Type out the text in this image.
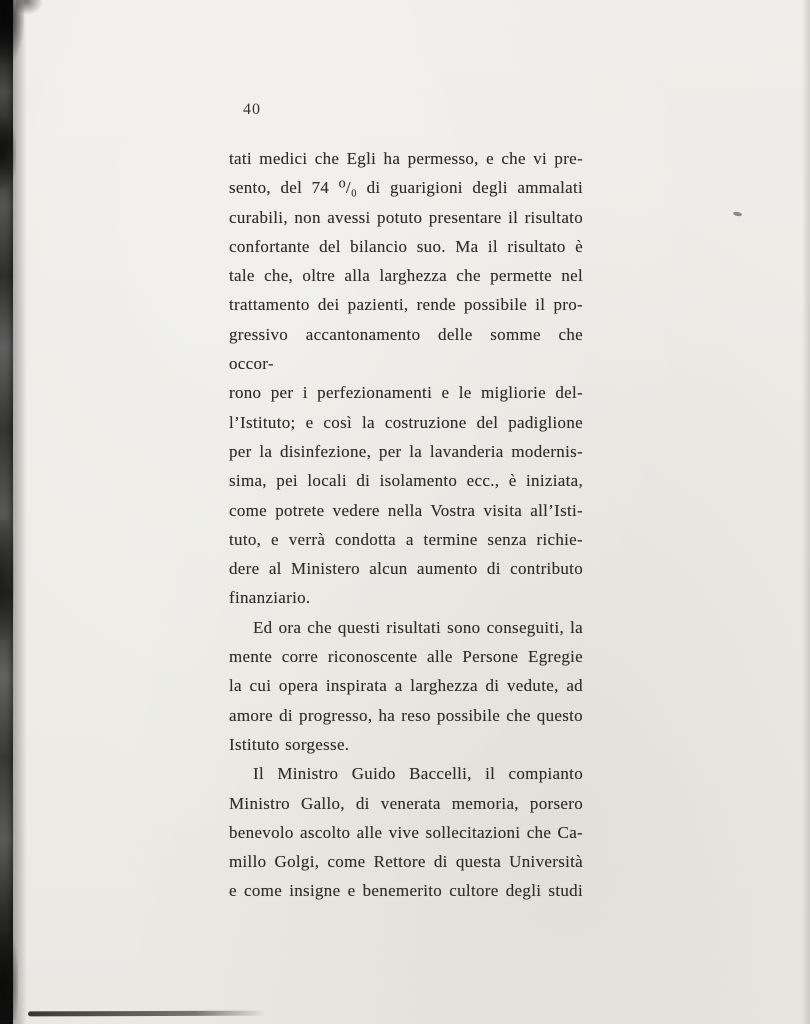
40
tati medici che Egli ha permesso, e che vi pre-
sento, del 74 ⁰/₀ di guarigioni degli ammalati
curabili, non avessi potuto presentare il risultato
confortante del bilancio suo. Ma il risultato è
tale che, oltre alla larghezza che permette nel
trattamento dei pazienti, rende possibile il pro-
gressivo accantonamento delle somme che occor-
rono per i perfezionamenti e le migliorie del-
l’Istituto; e così la costruzione del padiglione
per la disinfezione, per la lavanderia modernis-
sima, pei locali di isolamento ecc., è iniziata,
come potrete vedere nella Vostra visita all’Isti-
tuto, e verrà condotta a termine senza richie-
dere al Ministero alcun aumento di contributo
finanziario.
Ed ora che questi risultati sono conseguiti, la
mente corre riconoscente alle Persone Egregie
la cui opera inspirata a larghezza di vedute, ad
amore di progresso, ha reso possibile che questo
Istituto sorgesse.
Il Ministro Guido Baccelli, il compianto
Ministro Gallo, di venerata memoria, porsero
benevolo ascolto alle vive sollecitazioni che Ca-
millo Golgi, come Rettore di questa Università
e come insigne e benemerito cultore degli studi
